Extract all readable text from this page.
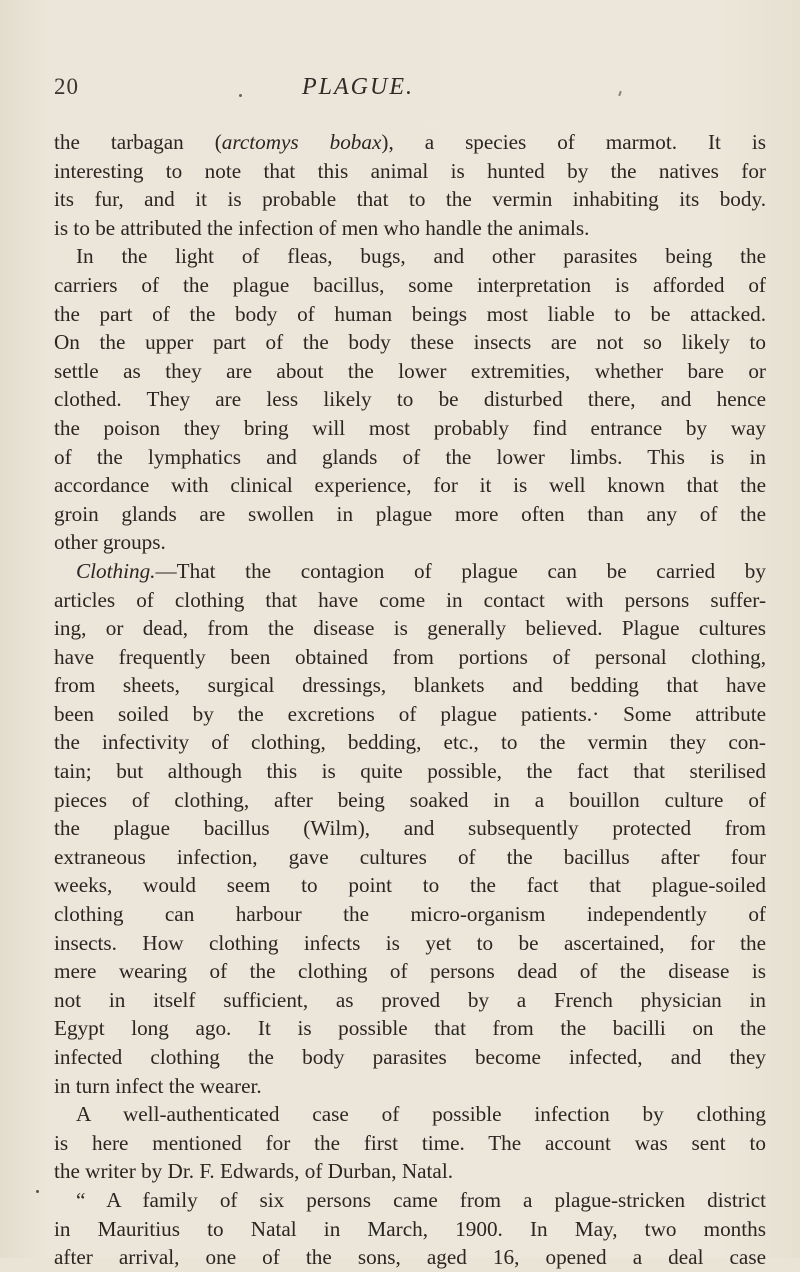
20	PLAGUE.
the tarbagan (arctomys bobax), a species of marmot. It is
interesting to note that this animal is hunted by the natives for
its fur, and it is probable that to the vermin inhabiting its body.
is to be attributed the infection of men who handle the animals.
In the light of fleas, bugs, and other parasites being the
carriers of the plague bacillus, some interpretation is afforded of
the part of the body of human beings most liable to be attacked.
On the upper part of the body these insects are not so likely to
settle as they are about the lower extremities, whether bare or
clothed. They are less likely to be disturbed there, and hence
the poison they bring will most probably find entrance by way
of the lymphatics and glands of the lower limbs. This is in
accordance with clinical experience, for it is well known that the
groin glands are swollen in plague more often than any of the
other groups.
Clothing.—That the contagion of plague can be carried by
articles of clothing that have come in contact with persons suffer-
ing, or dead, from the disease is generally believed. Plague cultures
have frequently been obtained from portions of personal clothing,
from sheets, surgical dressings, blankets and bedding that have
been soiled by the excretions of plague patients.· Some attribute
the infectivity of clothing, bedding, etc., to the vermin they con-
tain; but although this is quite possible, the fact that sterilised
pieces of clothing, after being soaked in a bouillon culture of
the plague bacillus (Wilm), and subsequently protected from
extraneous infection, gave cultures of the bacillus after four
weeks, would seem to point to the fact that plague-soiled
clothing can harbour the micro-organism independently of
insects. How clothing infects is yet to be ascertained, for the
mere wearing of the clothing of persons dead of the disease is
not in itself sufficient, as proved by a French physician in
Egypt long ago. It is possible that from the bacilli on the
infected clothing the body parasites become infected, and they
in turn infect the wearer.
A well-authenticated case of possible infection by clothing
is here mentioned for the first time. The account was sent to
the writer by Dr. F. Edwards, of Durban, Natal.
“ A family of six persons came from a plague-stricken district
in Mauritius to Natal in March, 1900. In May, two months
after arrival, one of the sons, aged 16, opened a deal case
